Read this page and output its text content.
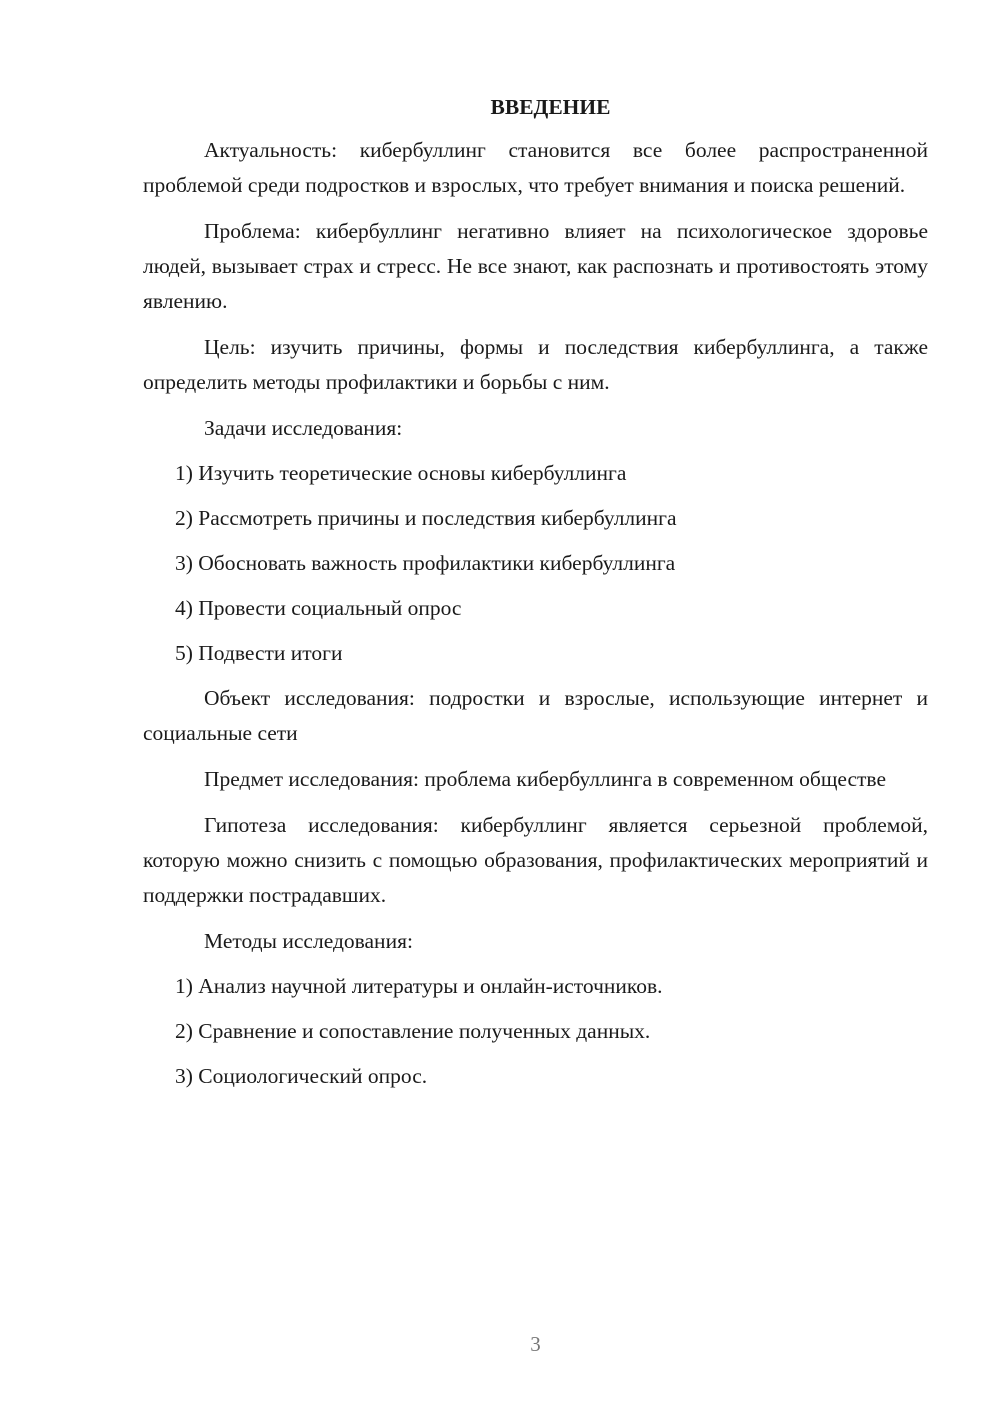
ВВЕДЕНИЕ
Актуальность: кибербуллинг становится все более распространенной проблемой среди подростков и взрослых, что требует внимания и поиска решений.
Проблема: кибербуллинг негативно влияет на психологическое здоровье людей, вызывает страх и стресс. Не все знают, как распознать и противостоять этому явлению.
Цель: изучить причины, формы и последствия кибербуллинга, а также определить методы профилактики и борьбы с ним.
Задачи исследования:
1) Изучить теоретические основы кибербуллинга
2) Рассмотреть причины и последствия кибербуллинга
3) Обосновать важность профилактики кибербуллинга
4) Провести социальный опрос
5) Подвести итоги
Объект исследования: подростки и взрослые, использующие интернет и социальные сети
Предмет исследования: проблема кибербуллинга в современном обществе
Гипотеза исследования: кибербуллинг является серьезной проблемой, которую можно снизить с помощью образования, профилактических мероприятий и поддержки пострадавших.
Методы исследования:
1) Анализ научной литературы и онлайн-источников.
2) Сравнение и сопоставление полученных данных.
3) Социологический опрос.
3
